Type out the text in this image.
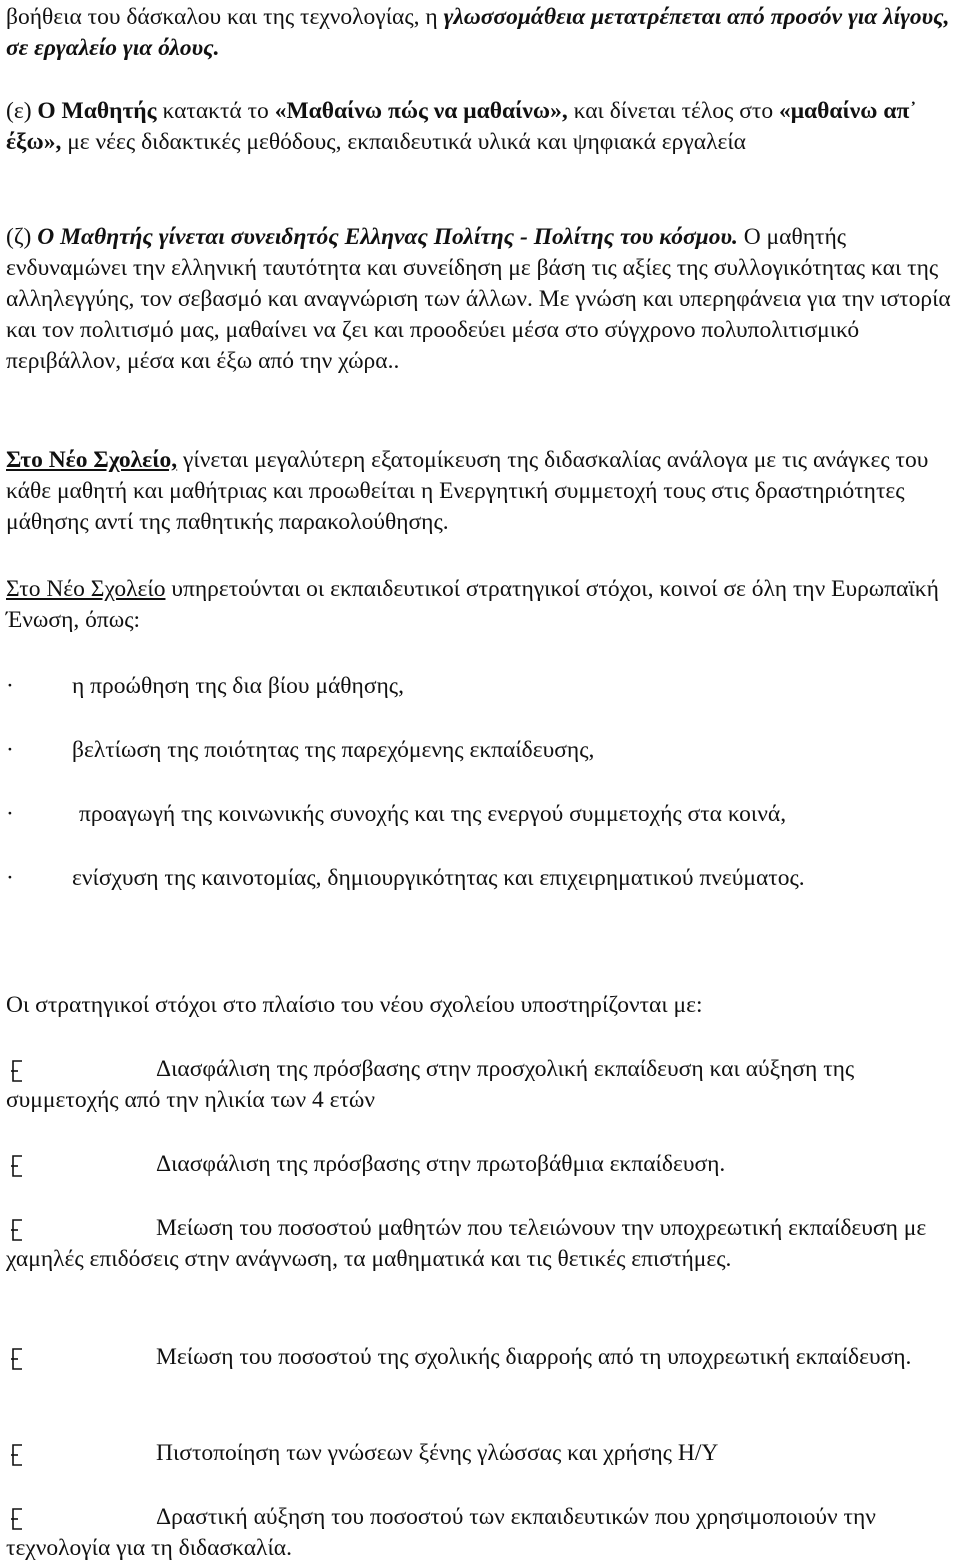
βοήθεια του δάσκαλου και της τεχνολογίας, η γλωσσομάθεια μετατρέπεται από προσόν για λίγους, σε εργαλείο για όλους.

(ε) Ο Μαθητής κατακτά το «Μαθαίνω πώς να μαθαίνω», και δίνεται τέλος στο «μαθαίνω απ᾽ έξω», με νέες διδακτικές μεθόδους, εκπαιδευτικά υλικά και ψηφιακά εργαλεία

(ζ) Ο Μαθητής γίνεται συνειδητός Ελληνας Πολίτης - Πολίτης του κόσμου. Ο μαθητής ενδυναμώνει την ελληνική ταυτότητα και συνείδηση με βάση τις αξίες της συλλογικότητας και της αλληλεγγύης, τον σεβασμό και αναγνώριση των άλλων. Με γνώση και υπερηφάνεια για την ιστορία και τον πολιτισμό μας, μαθαίνει να ζει και προοδεύει μέσα στο σύγχρονο πολυπολιτισμικό περιβάλλον, μέσα και έξω από την χώρα..

Στο Νέο Σχολείο, γίνεται μεγαλύτερη εξατομίκευση της διδασκαλίας ανάλογα με τις ανάγκες του κάθε μαθητή και μαθήτριας και προωθείται η Ενεργητική συμμετοχή τους στις δραστηριότητες μάθησης αντί της παθητικής παρακολούθησης.

Στο Νέο Σχολείο υπηρετούνται οι εκπαιδευτικοί στρατηγικοί στόχοι, κοινοί σε όλη την Ευρωπαϊκή Ένωση, όπως:

· η προώθηση της δια βίου μάθησης,
· βελτίωση της ποιότητας της παρεχόμενης εκπαίδευσης,
·	προαγωγή της κοινωνικής συνοχής και της ενεργού συμμετοχής στα κοινά,
· ενίσχυση της καινοτομίας, δημιουργικότητας και επιχειρηματικού πνεύματος.

Οι στρατηγικοί στόχοι στο πλαίσιο του νέου σχολείου υποστηρίζονται με:

Διασφάλιση της πρόσβασης στην προσχολική εκπαίδευση και αύξηση της συμμετοχής από την ηλικία των 4 ετών

Διασφάλιση της πρόσβασης στην πρωτοβάθμια εκπαίδευση.

Μείωση του ποσοστού μαθητών που τελειώνουν την υποχρεωτική εκπαίδευση με χαμηλές επιδόσεις στην ανάγνωση, τα μαθηματικά και τις θετικές επιστήμες.

Μείωση του ποσοστού της σχολικής διαρροής από τη υποχρεωτική εκπαίδευση.

Πιστοποίηση των γνώσεων ξένης γλώσσας και χρήσης Η/Υ

Δραστική αύξηση του ποσοστού των εκπαιδευτικών που χρησιμοποιούν την τεχνολογία για τη διδασκαλία.
